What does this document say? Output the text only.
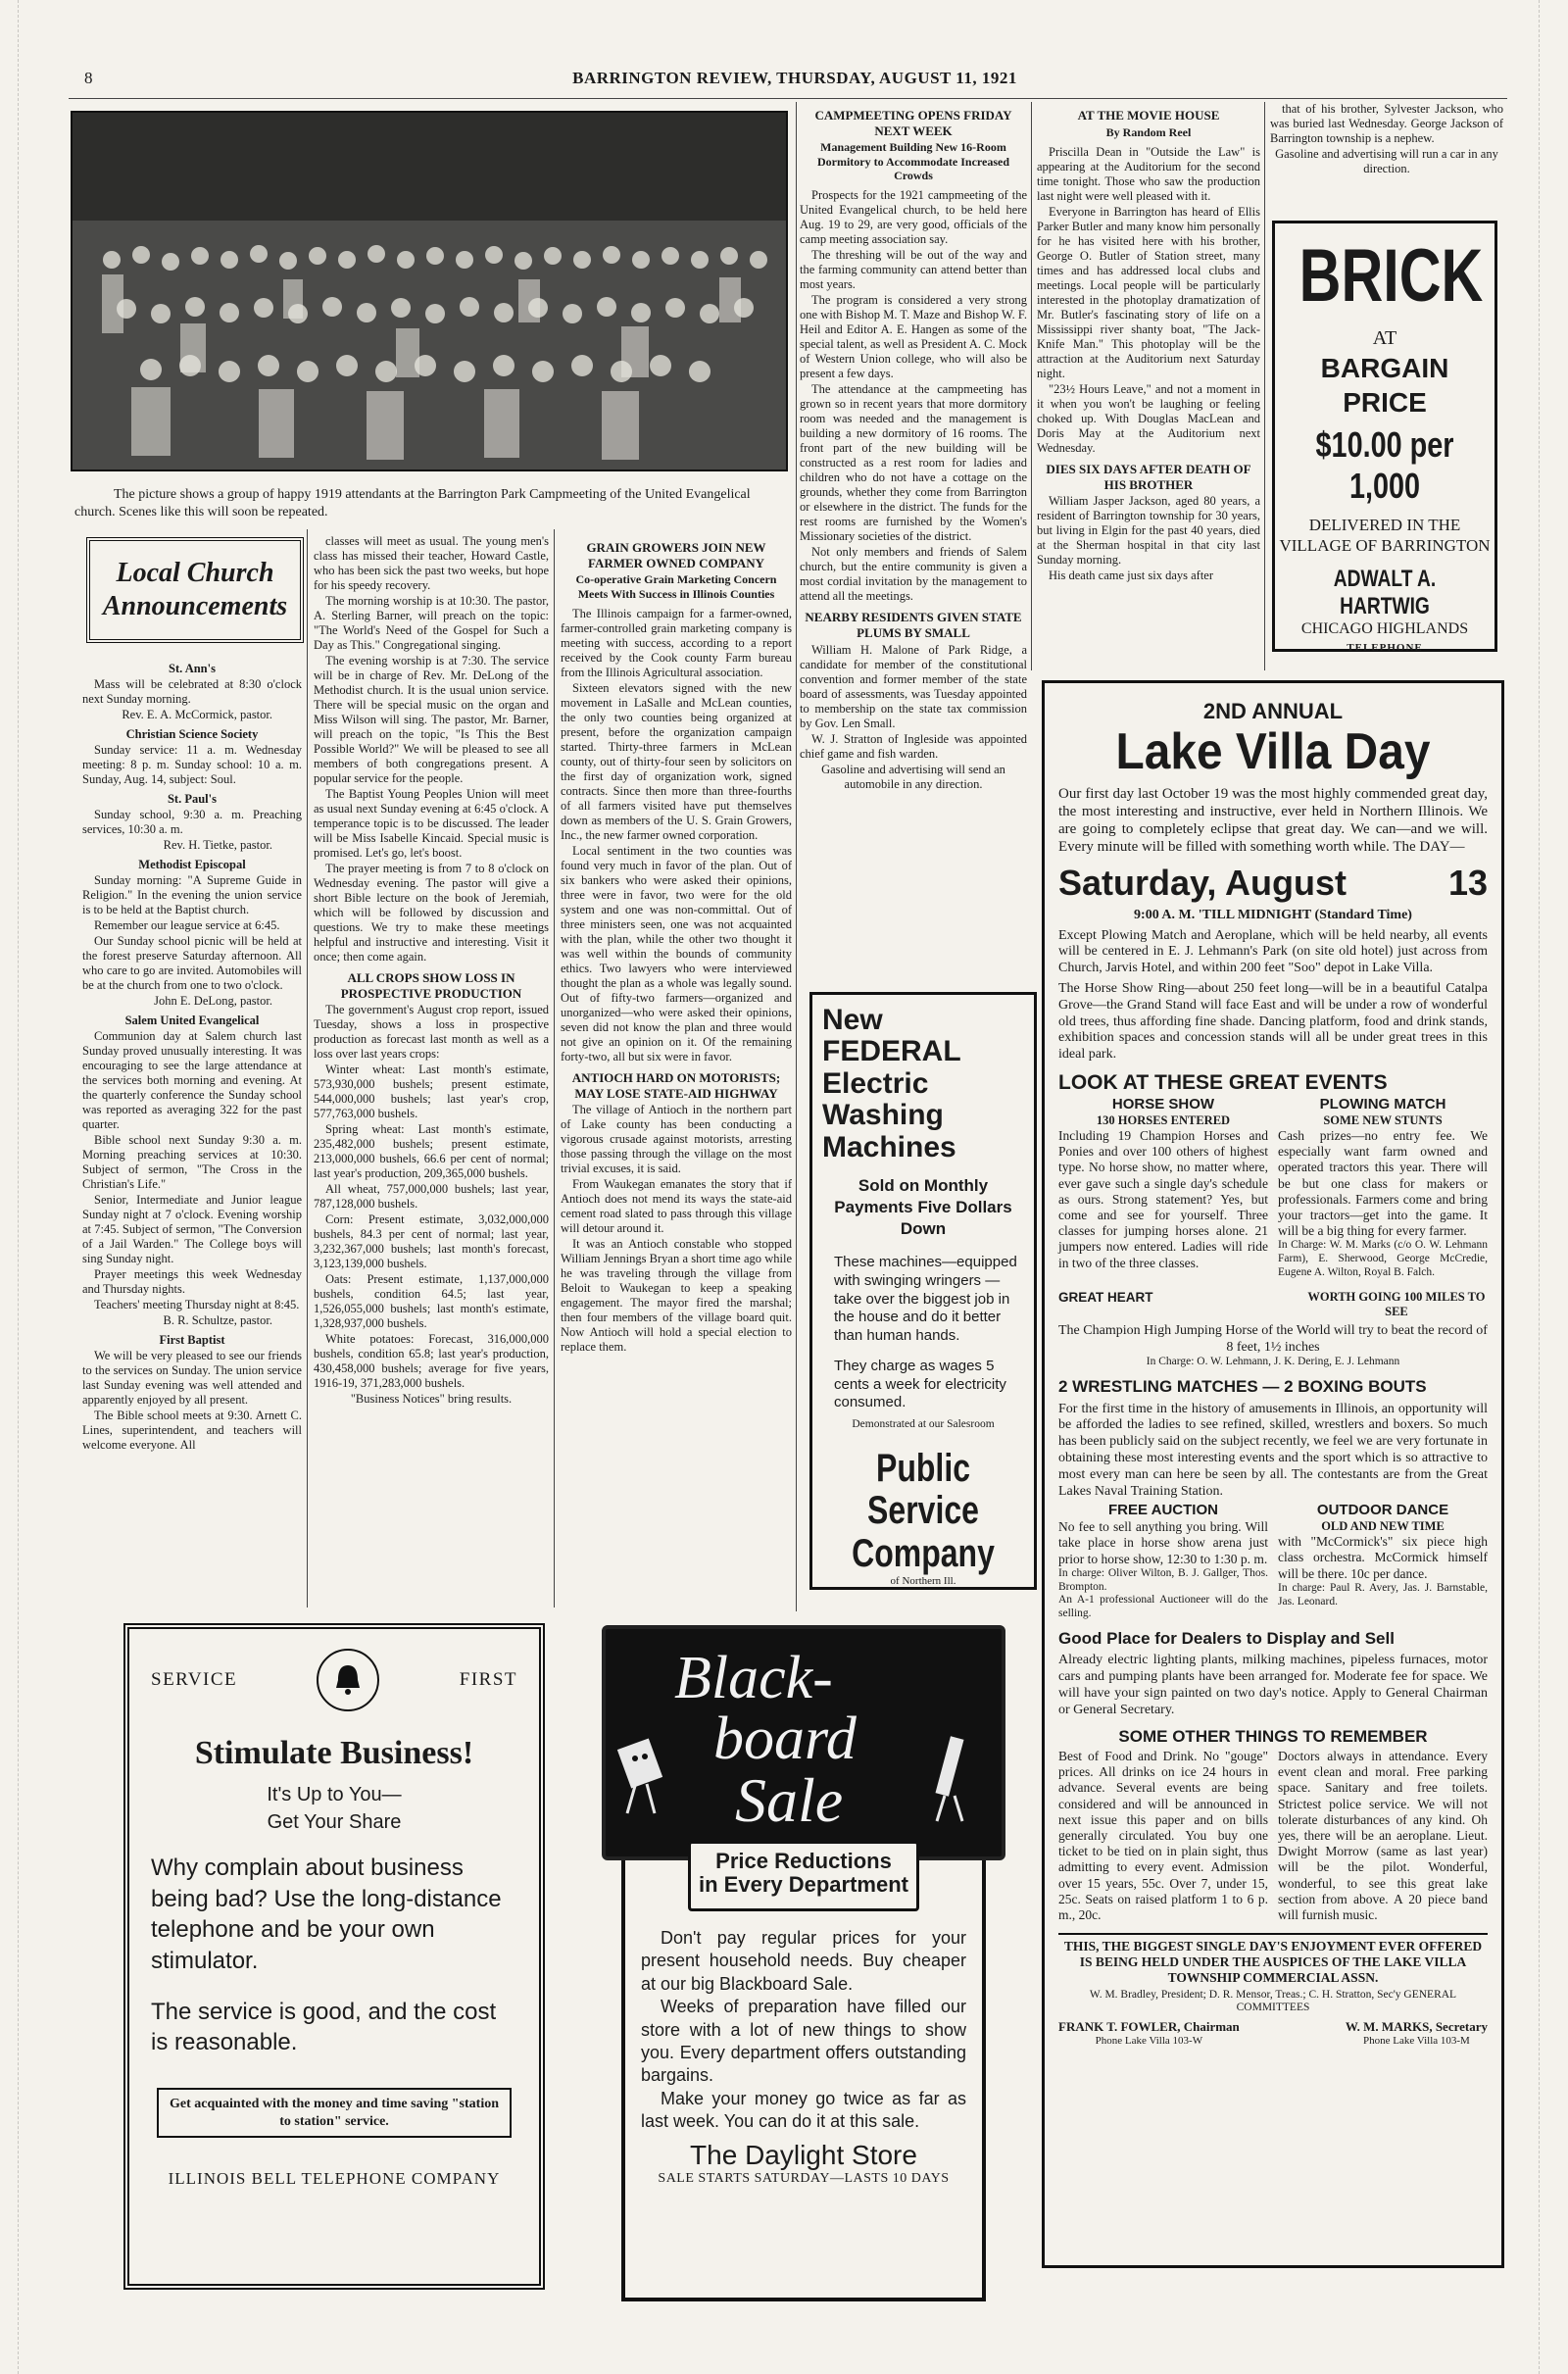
8	BARRINGTON REVIEW, THURSDAY, AUGUST 11, 1921
The picture shows a group of happy 1919 attendants at the Barrington Park Campmeeting of the United Evangelical church. Scenes like this will soon be repeated.
Local Church
Announcements

St. Ann's

Mass will be celebrated at 8:30 o'clock next Sunday morning.

Rev. E. A. McCormick, pastor.

Christian Science Society

Sunday service: 11 a. m. Wednesday meeting: 8 p. m. Sunday school: 10 a. m. Sunday, Aug. 14, subject: Soul.

St. Paul's

Sunday school, 9:30 a. m. Preaching services, 10:30 a. m.

Rev. H. Tietke, pastor.

Methodist Episcopal

Sunday morning: "A Supreme Guide in Religion." In the evening the union service is to be held at the Baptist church.

Remember our league service at 6:45.

Our Sunday school picnic will be held at the forest preserve Saturday afternoon. All who care to go are invited. Automobiles will be at the church from one to two o'clock.

John E. DeLong, pastor.

Salem United Evangelical

Communion day at Salem church last Sunday proved unusually interesting. It was encouraging to see the large attendance at the services both morning and evening. At the quarterly conference the Sunday school was reported as averaging 322 for the past quarter.

Bible school next Sunday 9:30 a. m. Morning preaching services at 10:30. Subject of sermon, "The Cross in the Christian's Life."

Senior, Intermediate and Junior league Sunday night at 7 o'clock. Evening worship at 7:45. Subject of sermon, "The Conversion of a Jail Warden." The College boys will sing Sunday night.

Prayer meetings this week Wednesday and Thursday nights.

Teachers' meeting Thursday night at 8:45.

B. R. Schultze, pastor.

First Baptist

We will be very pleased to see our friends to the services on Sunday. The union service last Sunday evening was well attended and apparently enjoyed by all present.

The Bible school meets at 9:30. Arnett C. Lines, superintendent, and teachers will welcome everyone. All

classes will meet as usual. The young men's class has missed their teacher, Howard Castle, who has been sick the past two weeks, but hope for his speedy recovery.

The morning worship is at 10:30. The pastor, A. Sterling Barner, will preach on the topic: "The World's Need of the Gospel for Such a Day as This." Congregational singing.

The evening worship is at 7:30. The service will be in charge of Rev. Mr. DeLong of the Methodist church. It is the usual union service. There will be special music on the organ and Miss Wilson will sing. The pastor, Mr. Barner, will preach on the topic, "Is This the Best Possible World?" We will be pleased to see all members of both congregations present. A popular service for the people.

The Baptist Young Peoples Union will meet as usual next Sunday evening at 6:45 o'clock. A temperance topic is to be discussed. The leader will be Miss Isabelle Kincaid. Special music is promised. Let's go, let's boost.

The prayer meeting is from 7 to 8 o'clock on Wednesday evening. The pastor will give a short Bible lecture on the book of Jeremiah, which will be followed by discussion and questions. We try to make these meetings helpful and instructive and interesting. Visit it once; then come again.

ALL CROPS SHOW LOSS IN PROSPECTIVE PRODUCTION

The government's August crop report, issued Tuesday, shows a loss in prospective production as forecast last month as well as a loss over last years crops:

Winter wheat: Last month's estimate, 573,930,000 bushels; present estimate, 544,000,000 bushels; last year's crop, 577,763,000 bushels.

Spring wheat: Last month's estimate, 235,482,000 bushels; present estimate, 213,000,000 bushels, 66.6 per cent of normal; last year's production, 209,365,000 bushels.

All wheat, 757,000,000 bushels; last year, 787,128,000 bushels.

Corn: Present estimate, 3,032,000,000 bushels, 84.3 per cent of normal; last year, 3,232,367,000 bushels; last month's forecast, 3,123,139,000 bushels.

Oats: Present estimate, 1,137,000,000 bushels, condition 64.5; last year, 1,526,055,000 bushels; last month's estimate, 1,328,937,000 bushels.

White potatoes: Forecast, 316,000,000 bushels, condition 65.8; last year's production, 430,458,000 bushels; average for five years, 1916-19, 371,283,000 bushels.

"Business Notices" bring results.

GRAIN GROWERS JOIN NEW FARMER OWNED COMPANY

Co-operative Grain Marketing Concern Meets With Success in Illinois Counties

The Illinois campaign for a farmer-owned, farmer-controlled grain marketing company is meeting with success, according to a report received by the Cook county Farm bureau from the Illinois Agricultural association.

Sixteen elevators signed with the new movement in LaSalle and McLean counties, the only two counties being organized at present, before the organization campaign started. Thirty-three farmers in McLean county, out of thirty-four seen by solicitors on the first day of organization work, signed contracts. Since then more than three-fourths of all farmers visited have put themselves down as members of the U. S. Grain Growers, Inc., the new farmer owned corporation.

Local sentiment in the two counties was found very much in favor of the plan. Out of six bankers who were asked their opinions, three were in favor, two were for the old system and one was non-committal. Out of three ministers seen, one was not acquainted with the plan, while the other two thought it was well within the bounds of community ethics. Two lawyers who were interviewed thought the plan as a whole was legally sound. Out of fifty-two farmers—organized and unorganized—who were asked their opinions, seven did not know the plan and three would not give an opinion on it. Of the remaining forty-two, all but six were in favor.

ANTIOCH HARD ON MOTORISTS; MAY LOSE STATE-AID HIGHWAY

The village of Antioch in the northern part of Lake county has been conducting a vigorous crusade against motorists, arresting those passing through the village on the most trivial excuses, it is said.

From Waukegan emanates the story that if Antioch does not mend its ways the state-aid cement road slated to pass through this village will detour around it.

It was an Antioch constable who stopped William Jennings Bryan a short time ago while he was traveling through the village from Beloit to Waukegan to keep a speaking engagement. The mayor fired the marshal; then four members of the village board quit. Now Antioch will hold a special election to replace them.

CAMPMEETING OPENS FRIDAY NEXT WEEK

Management Building New 16-Room Dormitory to Accommodate Increased Crowds

Prospects for the 1921 campmeeting of the United Evangelical church, to be held here Aug. 19 to 29, are very good, officials of the camp meeting association say.

The threshing will be out of the way and the farming community can attend better than most years.

The program is considered a very strong one with Bishop M. T. Maze and Bishop W. F. Heil and Editor A. E. Hangen as some of the special talent, as well as President A. C. Mock of Western Union college, who will also be present a few days.

The attendance at the campmeeting has grown so in recent years that more dormitory room was needed and the management is building a new dormitory of 16 rooms. The front part of the new building will be constructed as a rest room for ladies and children who do not have a cottage on the grounds, whether they come from Barrington or elsewhere in the district. The funds for the rest rooms are furnished by the Women's Missionary societies of the district.

Not only members and friends of Salem church, but the entire community is given a most cordial invitation by the management to attend all the meetings.

NEARBY RESIDENTS GIVEN STATE PLUMS BY SMALL

William H. Malone of Park Ridge, a candidate for member of the constitutional convention and former member of the state board of assessments, was Tuesday appointed to membership on the state tax commission by Gov. Len Small.

W. J. Stratton of Ingleside was appointed chief game and fish warden.

Gasoline and advertising will send an automobile in any direction.

AT THE MOVIE HOUSE

By Random Reel

Priscilla Dean in "Outside the Law" is appearing at the Auditorium for the second time tonight. Those who saw the production last night were well pleased with it.

Everyone in Barrington has heard of Ellis Parker Butler and many know him personally for he has visited here with his brother, George O. Butler of Station street, many times and has addressed local clubs and meetings. Local people will be particularly interested in the photoplay dramatization of Mr. Butler's fascinating story of life on a Mississippi river shanty boat, "The Jack-Knife Man." This photoplay will be the attraction at the Auditorium next Saturday night.

"23½ Hours Leave," and not a moment in it when you won't be laughing or feeling choked up. With Douglas MacLean and Doris May at the Auditorium next Wednesday.

DIES SIX DAYS AFTER DEATH OF HIS BROTHER

William Jasper Jackson, aged 80 years, a resident of Barrington township for 30 years, but living in Elgin for the past 40 years, died at the Sherman hospital in that city last Sunday morning.

His death came just six days after

that of his brother, Sylvester Jackson, who was buried last Wednesday. George Jackson of Barrington township is a nephew.

Gasoline and advertising will run a car in any direction.

BRICK
AT
BARGAIN
PRICE
$10.00 per 1,000
DELIVERED IN THE VILLAGE OF BARRINGTON
ADWALT A. HARTWIG
CHICAGO HIGHLANDS
TELEPHONE
New FEDERAL Electric Washing Machines
Sold on Monthly Payments Five Dollars Down
These machines—equipped with swinging wringers — take over the biggest job in the house and do it better than human hands.
They charge as wages 5 cents a week for electricity consumed.
Demonstrated at our Salesroom
Public Service Company
of Northern Ill.
2ND ANNUAL
Lake Villa Day
Our first day last October 19 was the most highly commended great day, the most interesting and instructive, ever held in Northern Illinois. We are going to completely eclipse that great day. We can—and we will. Every minute will be filled with something worth while. The DAY—
Saturday, August	13
9:00 A. M. 'TILL MIDNIGHT (Standard Time)
Except Plowing Match and Aeroplane, which will be held nearby, all events will be centered in E. J. Lehmann's Park (on site old hotel) just across from Church, Jarvis Hotel, and within 200 feet "Soo" depot in Lake Villa.
The Horse Show Ring—about 250 feet long—will be in a beautiful Catalpa Grove—the Grand Stand will face East and will be under a row of wonderful old trees, thus affording fine shade. Dancing platform, food and drink stands, exhibition spaces and concession stands will all be under great trees in this ideal park.
LOOK AT THESE GREAT EVENTS
HORSE SHOW
130 HORSES ENTERED
Including 19 Champion Horses and Ponies and over 100 others of highest type. No horse show, no matter where, ever gave such a single day's schedule as ours. Strong statement? Yes, but come and see for yourself. Three classes for jumping horses alone. 21 jumpers now entered. Ladies will ride in two of the three classes.
PLOWING MATCH
SOME NEW STUNTS
Cash prizes—no entry fee. We especially want farm owned and operated tractors this year. There will be but one class for makers or professionals. Farmers come and bring your tractors—get into the game. It will be a big thing for every farmer.
In Charge: W. M. Marks (c/o O. W. Lehmann Farm), E. Sherwood, George McCredie, Eugene A. Wilton, Royal B. Falch.
GREAT HEART	WORTH GOING 100 MILES TO SEE
The Champion High Jumping Horse of the World will try to beat the record of 8 feet, 1½ inches
In Charge: O. W. Lehmann, J. K. Dering, E. J. Lehmann
2 WRESTLING MATCHES — 2 BOXING BOUTS
For the first time in the history of amusements in Illinois, an opportunity will be afforded the ladies to see refined, skilled, wrestlers and boxers. So much has been publicly said on the subject recently, we feel we are very fortunate in obtaining these most interesting events and the sport which is so attractive to most every man can here be seen by all. The contestants are from the Great Lakes Naval Training Station.
FREE AUCTION
No fee to sell anything you bring. Will take place in horse show arena just prior to horse show, 12:30 to 1:30 p. m.
In charge: Oliver Wilton, B. J. Gallger, Thos. Brompton.
An A-1 professional Auctioneer will do the selling.
OUTDOOR DANCE
OLD AND NEW TIME
with "McCormick's" six piece high class orchestra. McCormick himself will be there. 10c per dance.
In charge: Paul R. Avery, Jas. J. Barnstable, Jas. Leonard.
Good Place for Dealers to Display and Sell
Already electric lighting plants, milking machines, pipeless furnaces, motor cars and pumping plants have been arranged for. Moderate fee for space. We will have your sign painted on two day's notice. Apply to General Chairman or General Secretary.
SOME OTHER THINGS TO REMEMBER
Best of Food and Drink. No "gouge" prices. All drinks on ice 24 hours in advance. Several events are being considered and will be announced in next issue this paper and on bills generally circulated. You buy one ticket to be tied on in plain sight, thus admitting to every event. Admission over 15 years, 55c. Over 7, under 15, 25c. Seats on raised platform 1 to 6 p. m., 20c.
Doctors always in attendance. Every event clean and moral. Free parking space. Sanitary and free toilets. Strictest police service. We will not tolerate disturbances of any kind. Oh yes, there will be an aeroplane. Lieut. Dwight Morrow (same as last year) will be the pilot. Wonderful, wonderful, to see this great lake section from above. A 20 piece band will furnish music.
THIS, THE BIGGEST SINGLE DAY'S ENJOYMENT EVER OFFERED IS BEING HELD UNDER THE AUSPICES OF THE LAKE VILLA TOWNSHIP COMMERCIAL ASSN.
W. M. Bradley, President; D. R. Mensor, Treas.; C. H. Stratton, Sec'y GENERAL COMMITTEES
FRANK T. FOWLER, Chairman
Phone Lake Villa 103-W
W. M. MARKS, Secretary
Phone Lake Villa 103-M
SERVICE	FIRST
Stimulate Business!
It's Up to You—
Get Your Share
Why complain about business being bad? Use the long-distance telephone and be your own stimulator.
The service is good, and the cost is reasonable.
Get acquainted with the money and time saving "station to station" service.
ILLINOIS BELL TELEPHONE COMPANY
Black-
board
Sale

Don't pay regular prices for your present household needs. Buy cheaper at our big Blackboard Sale.

Weeks of preparation have filled our store with a lot of new things to show you. Every department offers outstanding bargains.

Make your money go twice as far as last week. You can do it at this sale.

The Daylight Store
SALE STARTS SATURDAY—LASTS 10 DAYS
Price Reductions
in Every Department
